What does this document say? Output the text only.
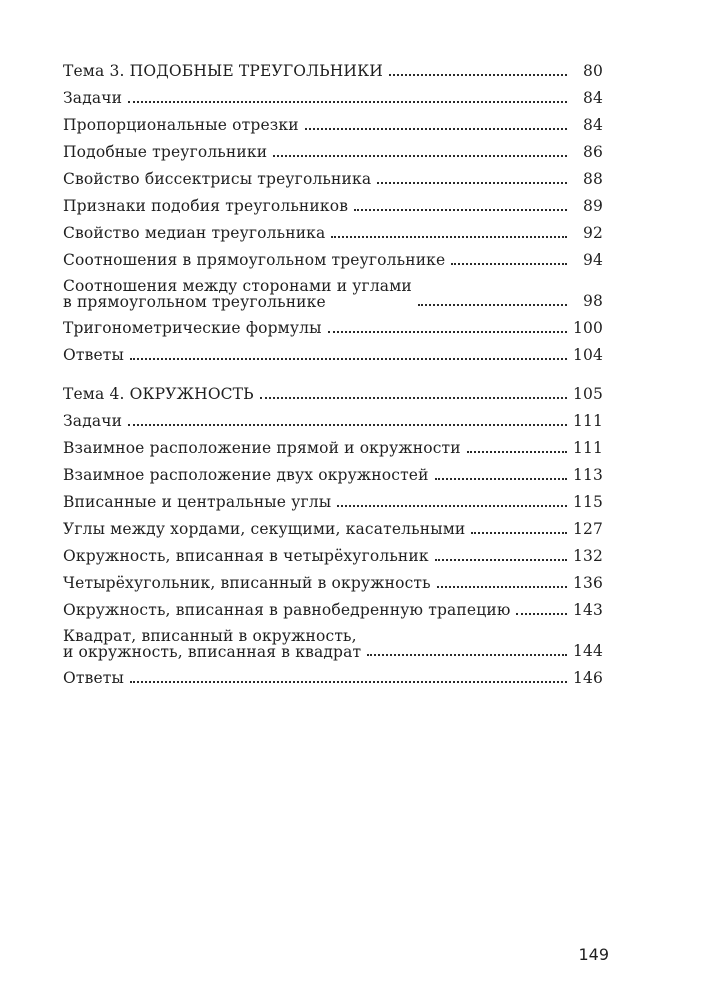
Тема 3. ПОДОБНЫЕ ТРЕУГОЛЬНИКИ	80
Задачи	84
Пропорциональные отрезки	84
Подобные треугольники	86
Свойство биссектрисы треугольника	88
Признаки подобия треугольников	89
Свойство медиан треугольника	92
Соотношения в прямоугольном треугольнике	94
Соотношения между сторонами и углами
в прямоугольном треугольнике	98
Тригонометрические формулы	100
Ответы	104
Тема 4. ОКРУЖНОСТЬ	105
Задачи	111
Взаимное расположение прямой и окружности	111
Взаимное расположение двух окружностей	113
Вписанные и центральные углы	115
Углы между хордами, секущими, касательными	127
Окружность, вписанная в четырёхугольник	132
Четырёхугольник, вписанный в окружность	136
Окружность, вписанная в равнобедренную трапецию	143
Квадрат, вписанный в окружность,
и окружность, вписанная в квадрат	144
Ответы	146
149
